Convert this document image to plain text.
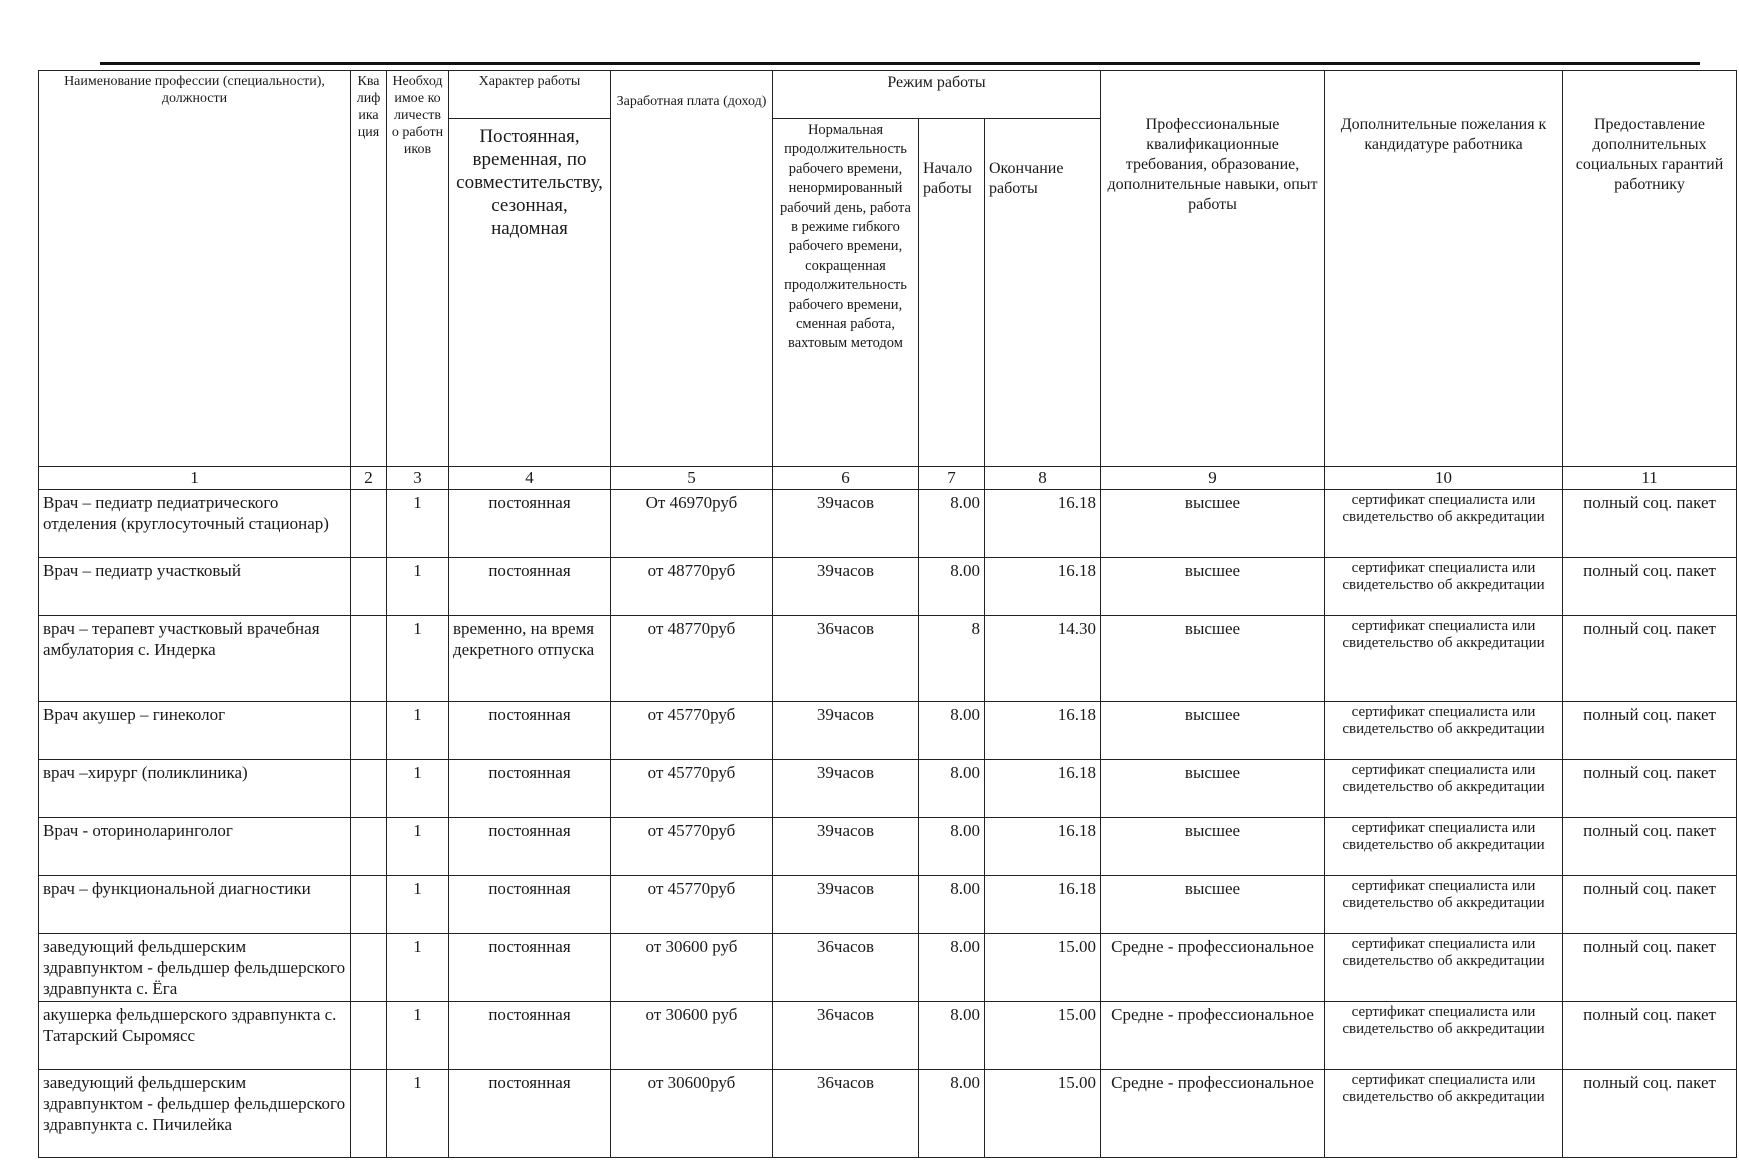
Наименование профессии (специальности), должности	Квалификация	Необходимое количество работников	Характер работы	Заработная плата (доход)	Режим работы			Профессиональные квалификационные требования, образование, дополнительные навыки, опыт работы	Дополнительные пожелания к кандидатуре работника	Предоставление дополнительных социальных гарантий работнику
			Постоянная, временная, по совместительству, сезонная, надомная		Нормальная продолжительность рабочего времени, ненормированный рабочий день, работа в режиме гибкого рабочего времени, сокращенная продолжительность рабочего времени, сменная работа, вахтовым методом	Начало работы	Окончание работы			
1	2	3	4	5	6	7	8	9	10	11
Врач – педиатр педиатрического отделения (круглосуточный стационар)		1	постоянная	От 46970руб	39часов	8.00	16.18	высшее	сертификат специалиста или свидетельство об аккредитации	полный соц. пакет
Врач – педиатр участковый		1	постоянная	от 48770руб	39часов	8.00	16.18	высшее	сертификат специалиста или свидетельство об аккредитации	полный соц. пакет
врач – терапевт участковый врачебная амбулатория с. Индерка		1	временно, на время декретного отпуска	от 48770руб	36часов	8	14.30	высшее	сертификат специалиста или свидетельство об аккредитации	полный соц. пакет
Врач акушер – гинеколог		1	постоянная	от 45770руб	39часов	8.00	16.18	высшее	сертификат специалиста или свидетельство об аккредитации	полный соц. пакет
врач –хирург (поликлиника)		1	постоянная	от 45770руб	39часов	8.00	16.18	высшее	сертификат специалиста или свидетельство об аккредитации	полный соц. пакет
Врач - оториноларинголог		1	постоянная	от 45770руб	39часов	8.00	16.18	высшее	сертификат специалиста или свидетельство об аккредитации	полный соц. пакет
врач – функциональной диагностики		1	постоянная	от 45770руб	39часов	8.00	16.18	высшее	сертификат специалиста или свидетельство об аккредитации	полный соц. пакет
заведующий фельдшерским здравпунктом - фельдшер фельдшерского здравпункта с. Ёга		1	постоянная	от 30600 руб	36часов	8.00	15.00	Средне - профессиональное	сертификат специалиста или свидетельство об аккредитации	полный соц. пакет
акушерка фельдшерского здравпункта с. Татарский Сыромясс		1	постоянная	от 30600 руб	36часов	8.00	15.00	Средне - профессиональное	сертификат специалиста или свидетельство об аккредитации	полный соц. пакет
заведующий фельдшерским здравпунктом - фельдшер фельдшерского здравпункта с. Пичилейка		1	постоянная	от 30600руб	36часов	8.00	15.00	Средне - профессиональное	сертификат специалиста или свидетельство об аккредитации	полный соц. пакет
